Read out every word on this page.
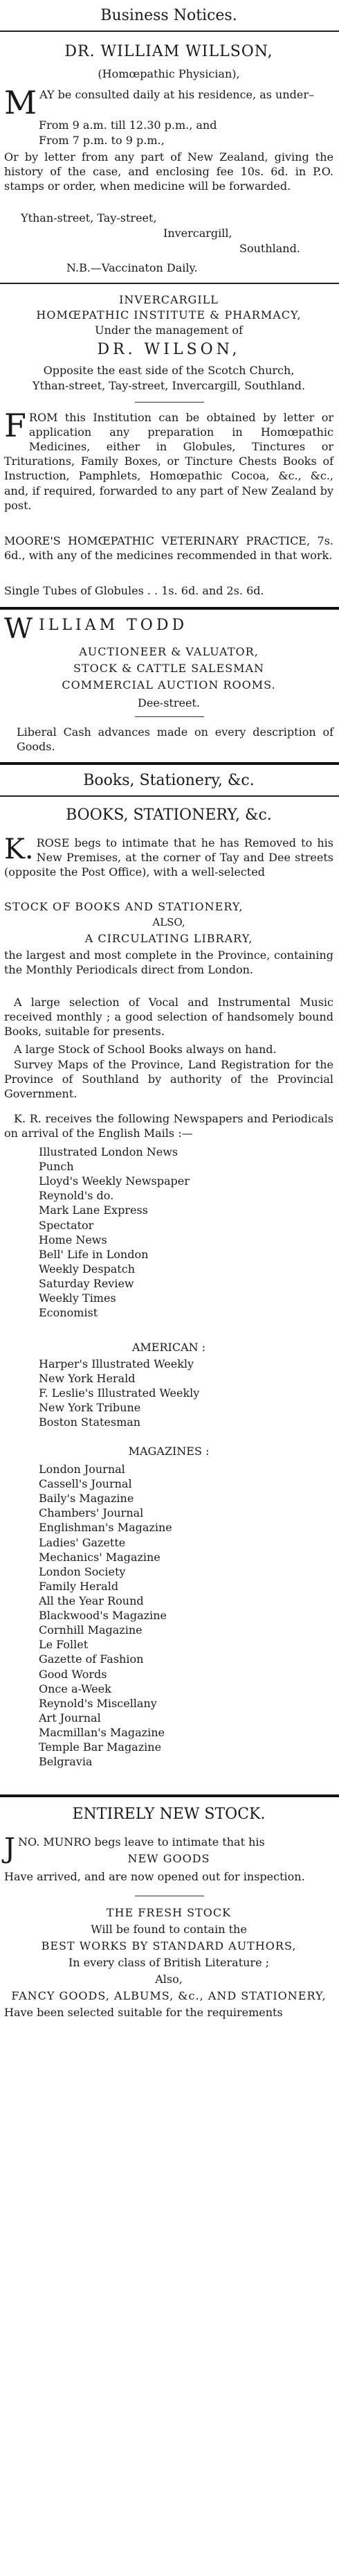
Business Notices.
DR. WILLIAM WILLSON,
(Homœpathic Physician),
MAY be consulted daily at his residence, as under–
From 9 a.m. till 12.30 p.m., and
From 7 p.m. to 9 p.m.,
Or by letter from any part of New Zealand, giving the history of the case, and enclosing fee 10s. 6d. in P.O. stamps or order, when medicine will be forwarded.
Ythan-street, Tay-street,
Invercargill,
Southland.
N.B.—Vaccinaton Daily.
INVERCARGILL
HOMŒPATHIC INSTITUTE & PHARMACY,
Under the management of
DR. WILSON,
Opposite the east side of the Scotch Church,
Ythan-street, Tay-street, Invercargill, Southland.
FROM this Institution can be obtained by letter or application any preparation in Homœpathic Medicines, either in Globules, Tinctures or Triturations, Family Boxes, or Tincture Chests Books of Instruction, Pamphlets, Homœpathic Cocoa, &c., &c., and, if required, forwarded to any part of New Zealand by post.
MOORE'S HOMŒPATHIC VETERINARY PRACTICE, 7s. 6d., with any of the medicines recommended in that work.
Single Tubes of Globules . . 1s. 6d. and 2s. 6d.
WILLIAM TODD
AUCTIONEER & VALUATOR,
STOCK & CATTLE SALESMAN
COMMERCIAL AUCTION ROOMS.
Dee-street.
Liberal Cash advances made on every description of Goods.
Books, Stationery, &c.
BOOKS, STATIONERY, &c.
K. ROSE begs to intimate that he has Removed to his New Premises, at the corner of Tay and Dee streets (opposite the Post Office), with a well-selected
STOCK OF BOOKS AND STATIONERY,
ALSO,
A CIRCULATING LIBRARY,
the largest and most complete in the Province, containing the Monthly Periodicals direct from London.
A large selection of Vocal and Instrumental Music received monthly ; a good selection of handsomely bound Books, suitable for presents.
A large Stock of School Books always on hand.
Survey Maps of the Province, Land Registration for the Province of Southland by authority of the Provincial Government.
K. R. receives the following Newspapers and Periodicals on arrival of the English Mails :—
Illustrated London News
Punch
Lloyd's Weekly Newspaper
Reynold's do.
Mark Lane Express
Spectator
Home News
Bell' Life in London
Weekly Despatch
Saturday Review
Weekly Times
Economist
AMERICAN :
Harper's Illustrated Weekly
New York Herald
F. Leslie's Illustrated Weekly
New York Tribune
Boston Statesman
MAGAZINES :
London Journal
Cassell's Journal
Baily's Magazine
Chambers' Journal
Englishman's Magazine
Ladies' Gazette
Mechanics' Magazine
London Society
Family Herald
All the Year Round
Blackwood's Magazine
Cornhill Magazine
Le Follet
Gazette of Fashion
Good Words
Once a-Week
Reynold's Miscellany
Art Journal
Macmillan's Magazine
Temple Bar Magazine
Belgravia
ENTIRELY NEW STOCK.
JNO. MUNRO begs leave to intimate that his
NEW GOODS
Have arrived, and are now opened out for inspection.
THE FRESH STOCK
Will be found to contain the
BEST WORKS BY STANDARD AUTHORS,
In every class of British Literature ;
Also,
FANCY GOODS, ALBUMS, &c., AND STATIONERY,
Have been selected suitable for the requirements
